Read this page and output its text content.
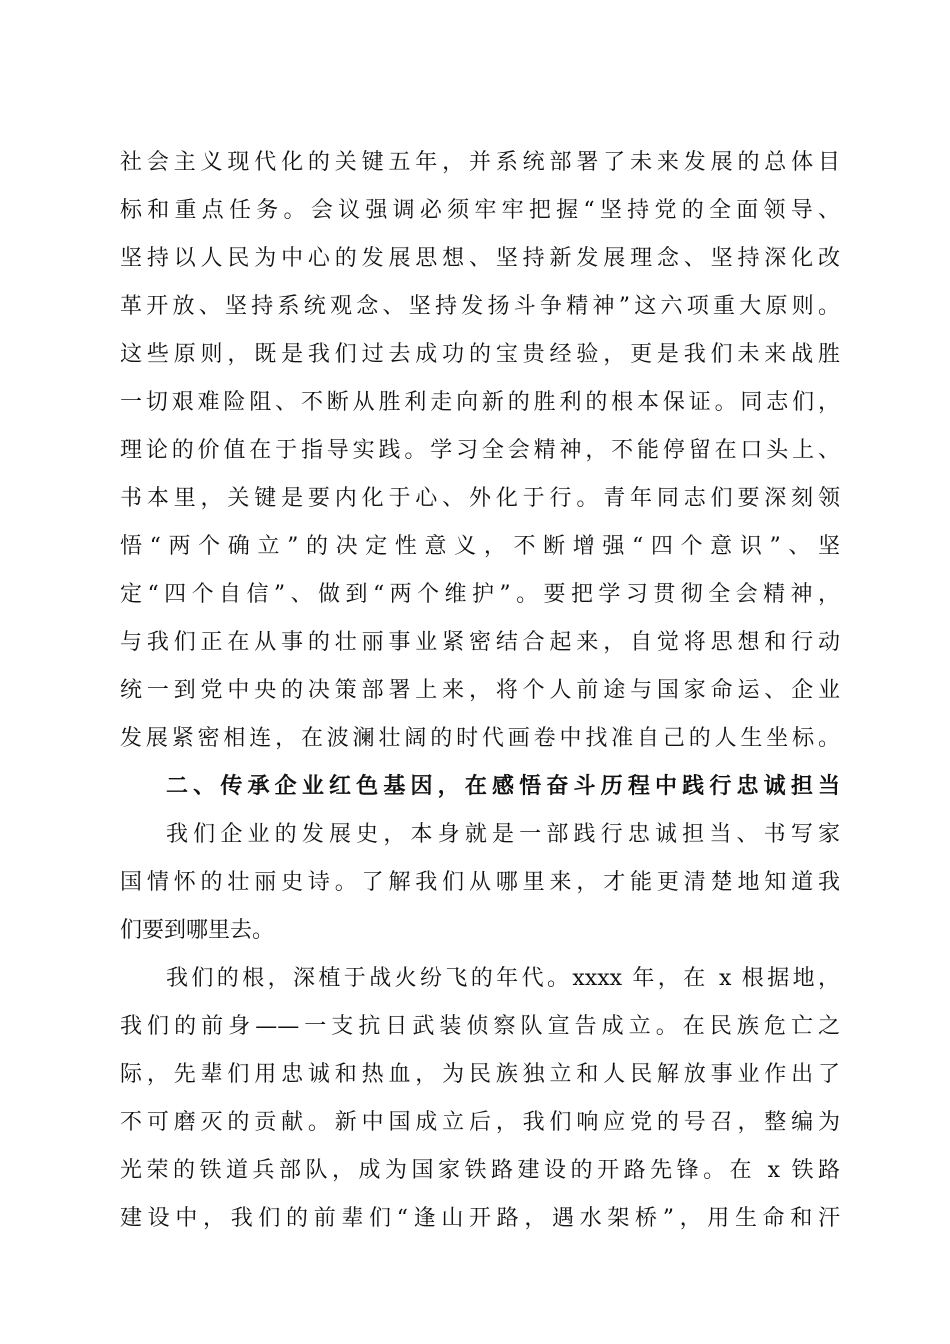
社会主义现代化的关键五年，并系统部署了未来发展的总体目
标和重点任务。会议强调必须牢牢把握“坚持党的全面领导、
坚持以人民为中心的发展思想、坚持新发展理念、坚持深化改
革开放、坚持系统观念、坚持发扬斗争精神”这六项重大原则。
这些原则，既是我们过去成功的宝贵经验，更是我们未来战胜
一切艰难险阻、不断从胜利走向新的胜利的根本保证。同志们，
理论的价值在于指导实践。学习全会精神，不能停留在口头上、
书本里，关键是要内化于心、外化于行。青年同志们要深刻领
悟“两个确立”的决定性意义，不断增强“四个意识”、坚
定“四个自信”、做到“两个维护”。要把学习贯彻全会精神，
与我们正在从事的壮丽事业紧密结合起来，自觉将思想和行动
统一到党中央的决策部署上来，将个人前途与国家命运、企业
发展紧密相连，在波澜壮阔的时代画卷中找准自己的人生坐标。
二、传承企业红色基因，在感悟奋斗历程中践行忠诚担当
我们企业的发展史，本身就是一部践行忠诚担当、书写家
国情怀的壮丽史诗。了解我们从哪里来，才能更清楚地知道我
们要到哪里去。
我们的根，深植于战火纷飞的年代。xxxx 年，在 x 根据地，
我们的前身——一支抗日武装侦察队宣告成立。在民族危亡之
际，先辈们用忠诚和热血，为民族独立和人民解放事业作出了
不可磨灭的贡献。新中国成立后，我们响应党的号召，整编为
光荣的铁道兵部队，成为国家铁路建设的开路先锋。在 x 铁路
建设中，我们的前辈们“逢山开路，遇水架桥”，用生命和汗
